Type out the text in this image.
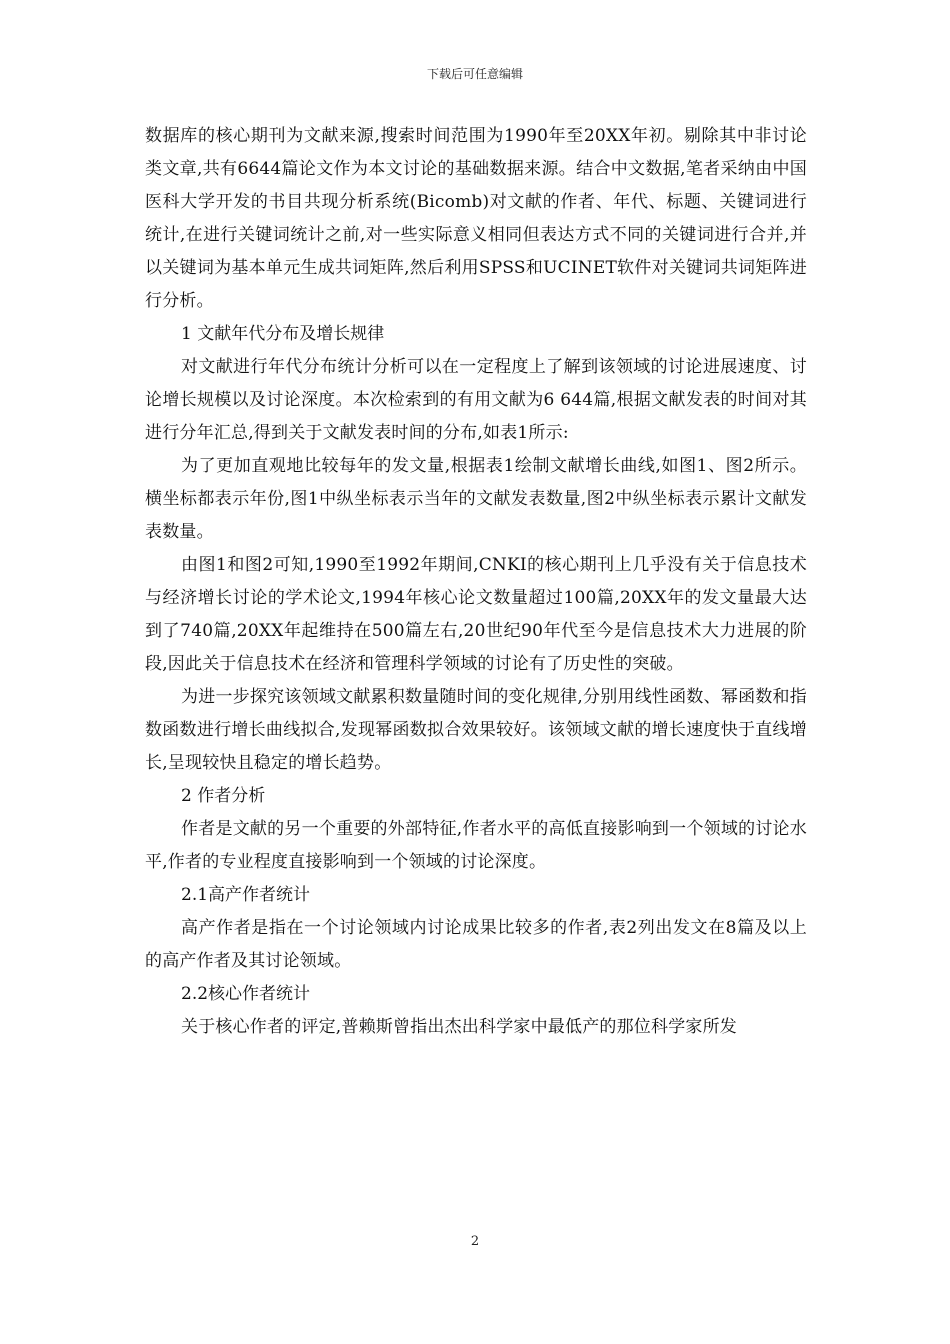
下载后可任意编辑

数据库的核心期刊为文献来源,搜索时间范围为1990年至20XX年初。剔除其中非讨论类文章,共有6644篇论文作为本文讨论的基础数据来源。结合中文数据,笔者采纳由中国医科大学开发的书目共现分析系统(Bicomb)对文献的作者、年代、标题、关键词进行统计,在进行关键词统计之前,对一些实际意义相同但表达方式不同的关键词进行合并,并以关键词为基本单元生成共词矩阵,然后利用SPSS和UCINET软件对关键词共词矩阵进行分析。

1 文献年代分布及增长规律

对文献进行年代分布统计分析可以在一定程度上了解到该领域的讨论进展速度、讨论增长规模以及讨论深度。本次检索到的有用文献为6 644篇,根据文献发表的时间对其进行分年汇总,得到关于文献发表时间的分布,如表1所示:

为了更加直观地比较每年的发文量,根据表1绘制文献增长曲线,如图1、图2所示。横坐标都表示年份,图1中纵坐标表示当年的文献发表数量,图2中纵坐标表示累计文献发表数量。

由图1和图2可知,1990至1992年期间,CNKI的核心期刊上几乎没有关于信息技术与经济增长讨论的学术论文,1994年核心论文数量超过100篇,20XX年的发文量最大达到了740篇,20XX年起维持在500篇左右,20世纪90年代至今是信息技术大力进展的阶段,因此关于信息技术在经济和管理科学领域的讨论有了历史性的突破。

为进一步探究该领域文献累积数量随时间的变化规律,分别用线性函数、幂函数和指数函数进行增长曲线拟合,发现幂函数拟合效果较好。该领域文献的增长速度快于直线增长,呈现较快且稳定的增长趋势。

2 作者分析

作者是文献的另一个重要的外部特征,作者水平的高低直接影响到一个领域的讨论水平,作者的专业程度直接影响到一个领域的讨论深度。

2.1高产作者统计

高产作者是指在一个讨论领域内讨论成果比较多的作者,表2列出发文在8篇及以上的高产作者及其讨论领域。

2.2核心作者统计

关于核心作者的评定,普赖斯曾指出杰出科学家中最低产的那位科学家所发

2
